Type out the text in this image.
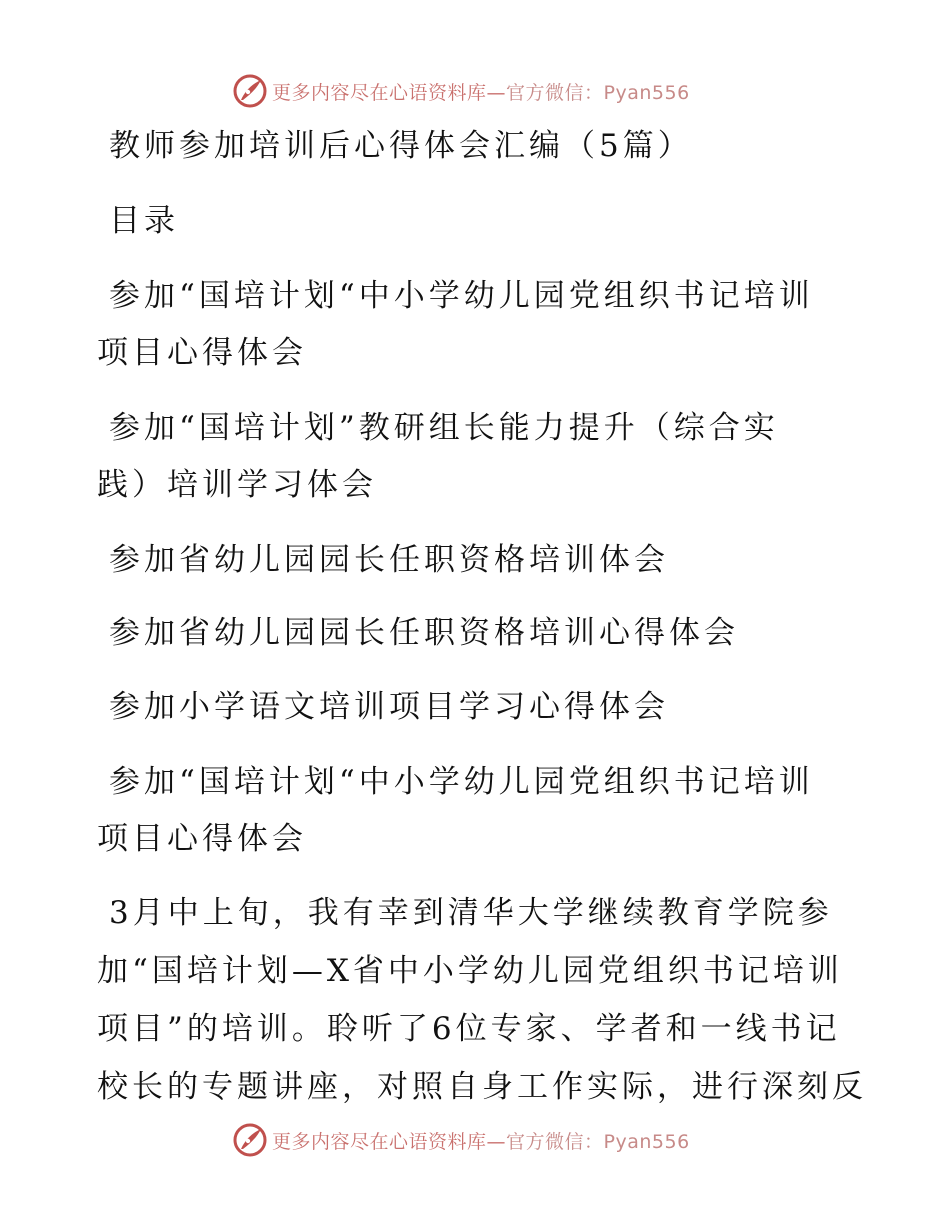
更多内容尽在心语资料库—官方微信：Pyan556
教师参加培训后心得体会汇编（5篇）
目录
参加“国培计划“中小学幼儿园党组织书记培训
项目心得体会
参加“国培计划”教研组长能力提升（综合实
践）培训学习体会
参加省幼儿园园长任职资格培训体会
参加省幼儿园园长任职资格培训心得体会
参加小学语文培训项目学习心得体会
参加“国培计划“中小学幼儿园党组织书记培训
项目心得体会
3月中上旬，我有幸到清华大学继续教育学院参
加“国培计划—X省中小学幼儿园党组织书记培训
项目”的培训。聆听了6位专家、学者和一线书记
校长的专题讲座，对照自身工作实际，进行深刻反
更多内容尽在心语资料库—官方微信：Pyan556
